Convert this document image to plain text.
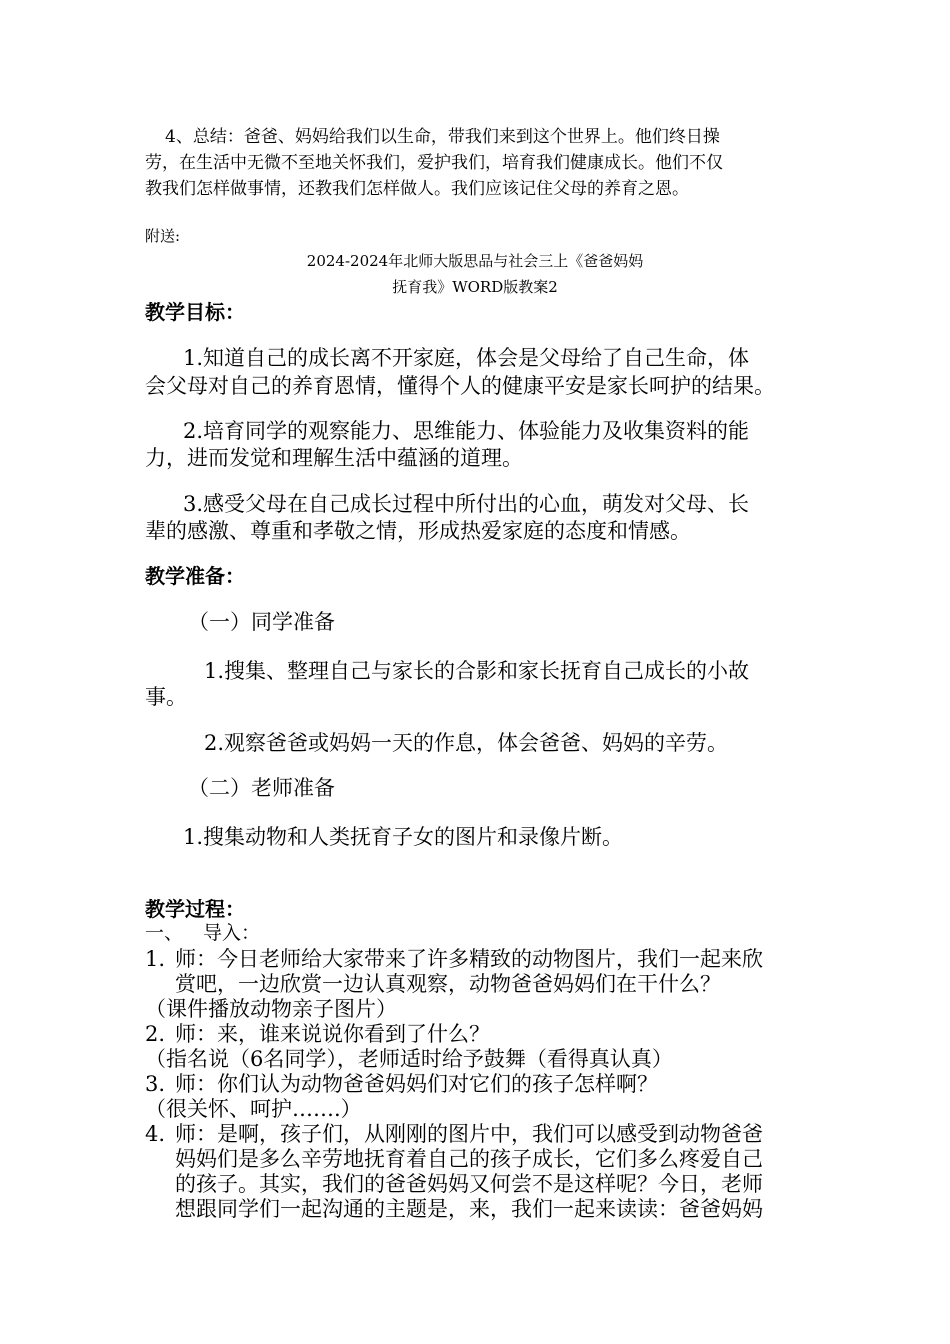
4、总结：爸爸、妈妈给我们以生命，带我们来到这个世界上。他们终日操

劳，在生活中无微不至地关怀我们，爱护我们，培育我们健康成长。他们不仅

教我们怎样做事情，还教我们怎样做人。我们应该记住父母的养育之恩。

附送:

2024-2024年北师大版思品与社会三上《爸爸妈妈

抚育我》WORD版教案2

教学目标：

1.知道自己的成长离不开家庭，体会是父母给了自己生命，体

会父母对自己的养育恩情，懂得个人的健康平安是家长呵护的结果。

2.培育同学的观察能力、思维能力、体验能力及收集资料的能

力，进而发觉和理解生活中蕴涵的道理。

3.感受父母在自己成长过程中所付出的心血，萌发对父母、长

辈的感激、尊重和孝敬之情，形成热爱家庭的态度和情感。

教学准备：

（一）同学准备

1.搜集、整理自己与家长的合影和家长抚育自己成长的小故

事。

2.观察爸爸或妈妈一天的作息，体会爸爸、妈妈的辛劳。

（二）老师准备

1.搜集动物和人类抚育子女的图片和录像片断。

教学过程：

一、 导入：

1. 师：今日老师给大家带来了许多精致的动物图片，我们一起来欣

赏吧，一边欣赏一边认真观察，动物爸爸妈妈们在干什么？

（课件播放动物亲子图片）

2. 师：来，谁来说说你看到了什么？

（指名说（6名同学），老师适时给予鼓舞（看得真认真）

3. 师：你们认为动物爸爸妈妈们对它们的孩子怎样啊？

（很关怀、呵护…….）

4. 师：是啊，孩子们，从刚刚的图片中，我们可以感受到动物爸爸

妈妈们是多么辛劳地抚育着自己的孩子成长，它们多么疼爱自己

的孩子。其实，我们的爸爸妈妈又何尝不是这样呢？今日，老师

想跟同学们一起沟通的主题是，来，我们一起来读读：爸爸妈妈
